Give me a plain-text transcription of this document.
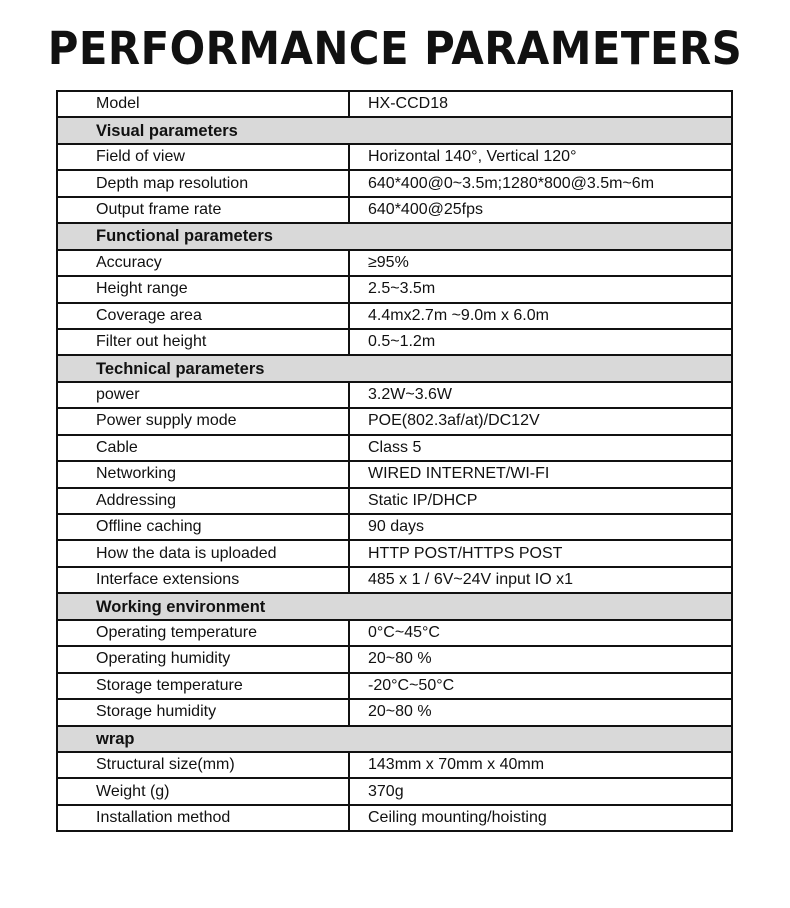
PERFORMANCE PARAMETERS
Model	HX-CCD18
Visual parameters	
Field of view	Horizontal 140°, Vertical 120°
Depth map resolution	640*400@0~3.5m;1280*800@3.5m~6m
Output frame rate	640*400@25fps
Functional parameters	
Accuracy	≥95%
Height range	2.5~3.5m
Coverage area	4.4mx2.7m ~9.0m x 6.0m
Filter out height	0.5~1.2m
Technical parameters	
power	3.2W~3.6W
Power supply mode	POE(802.3af/at)/DC12V
Cable	Class 5
Networking	WIRED INTERNET/WI-FI
Addressing	Static IP/DHCP
Offline caching	90 days
How the data is uploaded	HTTP POST/HTTPS POST
Interface extensions	485 x 1 / 6V~24V input IO x1
Working environment	
Operating temperature	0°C~45°C
Operating humidity	20~80 %
Storage temperature	-20°C~50°C
Storage humidity	20~80 %
wrap	
Structural size(mm)	143mm x 70mm x 40mm
Weight (g)	370g
Installation method	Ceiling mounting/hoisting
